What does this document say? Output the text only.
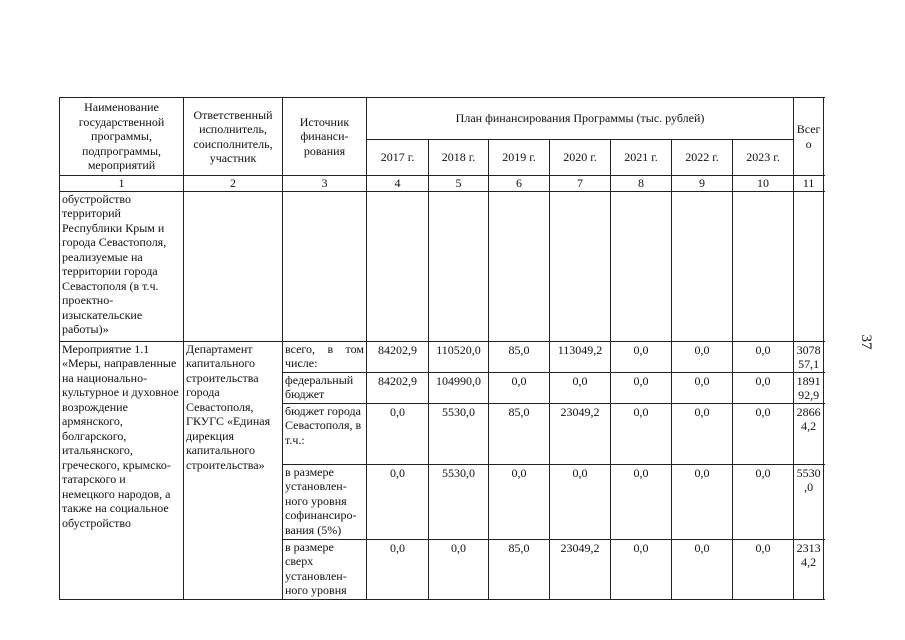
37
Наименование государственной программы, подпрограммы, мероприятий	Ответственный исполнитель, соисполнитель, участник	Источник финанси-рования	План финансирования Программы (тыс. рублей)							Всего
			2017 г.	2018 г.	2019 г.	2020 г.	2021 г.	2022 г.	2023 г.	
1	2	3	4	5	6	7	8	9	10	11
обустройство территорий Республики Крым и города Севастополя, реализуемые на территории города Севастополя (в т.ч. проектно-изыскательские работы)»										
Мероприятие 1.1 «Меры, направленные на национально-культурное и духовное возрождение армянского, болгарского, итальянского, греческого, крымско-татарского и немецкого народов, а также на социальное обустройство	Департамент капитального строительства города Севастополя, ГКУГС «Единая дирекция капитального строительства»	всего, в том числе:	84202,9	110520,0	85,0	113049,2	0,0	0,0	0,0	307857,1
		федеральный бюджет	84202,9	104990,0	0,0	0,0	0,0	0,0	0,0	189192,9
		бюджет города Севастополя, в т.ч.:	0,0	5530,0	85,0	23049,2	0,0	0,0	0,0	28664,2
		в размере установлен-ного уровня софинансиро-вания (5%)	0,0	5530,0	0,0	0,0	0,0	0,0	0,0	5530,0
		в размере сверх установлен-ного уровня	0,0	0,0	85,0	23049,2	0,0	0,0	0,0	23134,2
